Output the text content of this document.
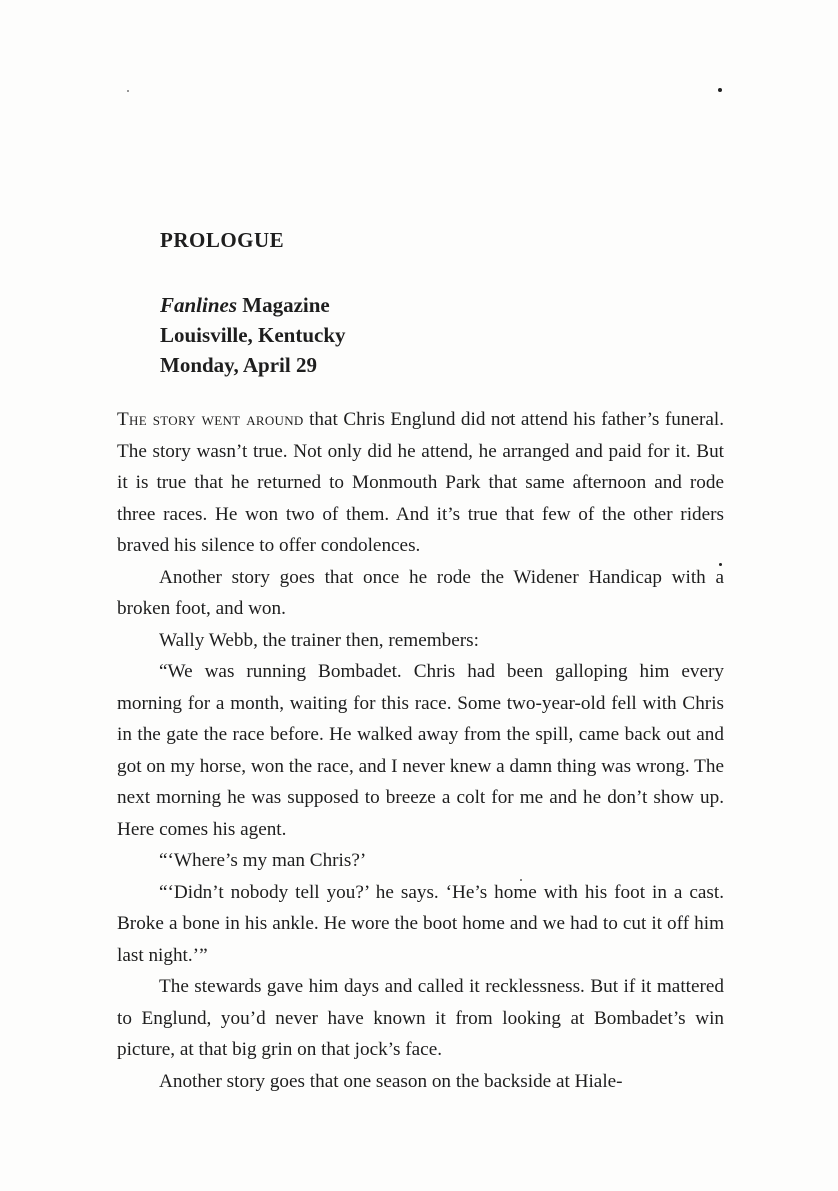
PROLOGUE

Fanlines Magazine

Louisville, Kentucky

Monday, April 29

The story went around that Chris Englund did not attend his father’s funeral. The story wasn’t true. Not only did he attend, he arranged and paid for it. But it is true that he returned to Monmouth Park that same afternoon and rode three races. He won two of them. And it’s true that few of the other riders braved his silence to offer condolences.

Another story goes that once he rode the Widener Handicap with a broken foot, and won.

Wally Webb, the trainer then, remembers:

“We was running Bombadet. Chris had been galloping him every morning for a month, waiting for this race. Some two-year-old fell with Chris in the gate the race before. He walked away from the spill, came back out and got on my horse, won the race, and I never knew a damn thing was wrong. The next morning he was supposed to breeze a colt for me and he don’t show up. Here comes his agent.

“‘Where’s my man Chris?’

“‘Didn’t nobody tell you?’ he says. ‘He’s home with his foot in a cast. Broke a bone in his ankle. He wore the boot home and we had to cut it off him last night.’”

The stewards gave him days and called it recklessness. But if it mattered to Englund, you’d never have known it from looking at Bombadet’s win picture, at that big grin on that jock’s face.

Another story goes that one season on the backside at Hiale-
